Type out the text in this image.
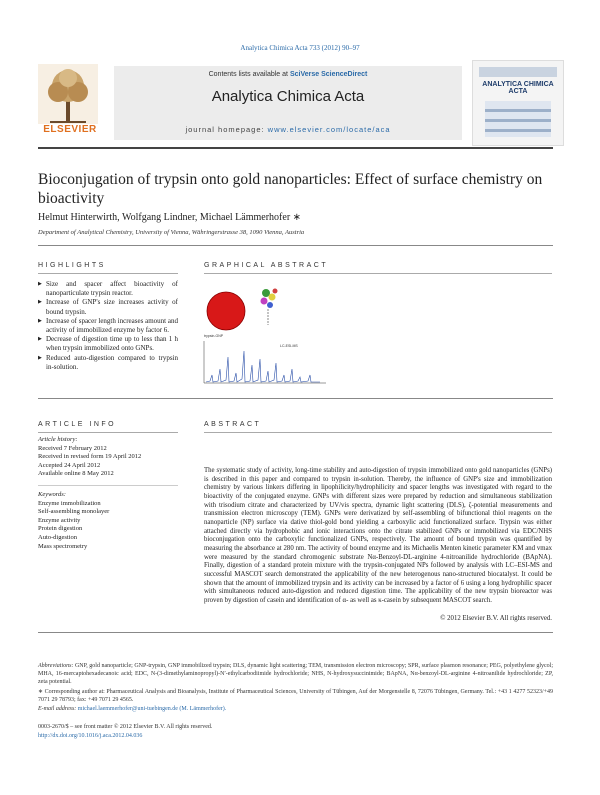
Analytica Chimica Acta 733 (2012) 90–97
ELSEVIER
Contents lists available at SciVerse ScienceDirect
Analytica Chimica Acta
journal homepage: www.elsevier.com/locate/aca
ANALYTICA CHIMICA ACTA
Bioconjugation of trypsin onto gold nanoparticles: Effect of surface chemistry on bioactivity
Helmut Hinterwirth, Wolfgang Lindner, Michael Lämmerhofer ∗
Department of Analytical Chemistry, University of Vienna, Währingerstrasse 38, 1090 Vienna, Austria
HIGHLIGHTS
▶ Size and spacer affect bioactivity of nanoparticulate trypsin reactor.
▶ Increase of GNP's size increases activity of bound trypsin.
▶ Increase of spacer length increases amount and activity of immobilized enzyme by factor 6.
▶ Decrease of digestion time up to less than 1 h when trypsin immobilized onto GNPs.
▶ Reduced auto-digestion compared to trypsin in-solution.
GRAPHICAL ABSTRACT
trypsin-GNP
LC-ESI-MS
ARTICLE INFO
Article history:
Received 7 February 2012
Received in revised form 19 April 2012
Accepted 24 April 2012
Available online 8 May 2012
Keywords:
Enzyme immobilization
Self-assembling monolayer
Enzyme activity
Protein digestion
Auto-digestion
Mass spectrometry
ABSTRACT

The systematic study of activity, long-time stability and auto-digestion of trypsin immobilized onto gold nanoparticles (GNPs) is described in this paper and compared to trypsin in-solution. Thereby, the influence of GNP's size and immobilization chemistry by various linkers differing in lipophilicity/hydrophilicity and spacer lengths was investigated with regard to the bioactivity of the conjugated enzyme. GNPs with different sizes were prepared by reduction and simultaneous stabilization with trisodium citrate and characterized by UV/vis spectra, dynamic light scattering (DLS), ζ-potential measurements and transmission electron microscopy (TEM). GNPs were derivatized by self-assembling of bifunctional thiol reagents on the nanoparticle (NP) surface via dative thiol-gold bond yielding a carboxylic acid functionalized surface. Trypsin was either attached directly via hydrophobic and ionic interactions onto the citrate stabilized GNPs or immobilized via EDC/NHS bioconjugation onto the carboxylic functionalized GNPs, respectively. The amount of bound trypsin was quantified by measuring the absorbance at 280 nm. The activity of bound enzyme and its Michaelis Menten kinetic parameter KM and vmax were measured by the standard chromogenic substrate Nα-Benzoyl-DL-arginine 4-nitroanilide hydrochloride (BApNA). Finally, digestion of a standard protein mixture with the trypsin-conjugated NPs followed by analysis with LC–ESI-MS and successful MASCOT search demonstrated the applicability of the new heterogenous nano-structured biocatalyst. It could be shown that the amount of immobilized trypsin and its activity can be increased by a factor of 6 using a long hydrophilic spacer with simultaneous reduced auto-digestion and reduced digestion time. The applicability of the new trypsin bioreactor was proven by digestion of casein and identification of α- as well as κ-casein by subsequent MASCOT search.

© 2012 Elsevier B.V. All rights reserved.
Abbreviations: GNP, gold nanoparticle; GNP-trypsin, GNP immobilized trypsin; DLS, dynamic light scattering; TEM, transmission electron microscopy; SPR, surface plasmon resonance; PEG, polyethylene glycol; MHA, 16-mercaptohexadecanoic acid; EDC, N-(3-dimethylaminopropyl)-N′-ethylcarbodiimide hydrochloride; NHS, N-hydroxysuccinimide; BApNA, Nα-benzoyl-DL-arginine 4-nitroanilide hydrochloride; ZP, zeta potential.
∗ Corresponding author at: Pharmaceutical Analysis and Bioanalysis, Institute of Pharmaceutical Sciences, University of Tübingen, Auf der Morgenstelle 8, 72076 Tübingen, Germany. Tel.: +43 1 4277 52323/+49 7071 29 78793; fax: +49 7071 29 4565.
E-mail address: michael.laemmerhofer@uni-tuebingen.de (M. Lämmerhofer).
0003-2670/$ – see front matter © 2012 Elsevier B.V. All rights reserved.
http://dx.doi.org/10.1016/j.aca.2012.04.036
